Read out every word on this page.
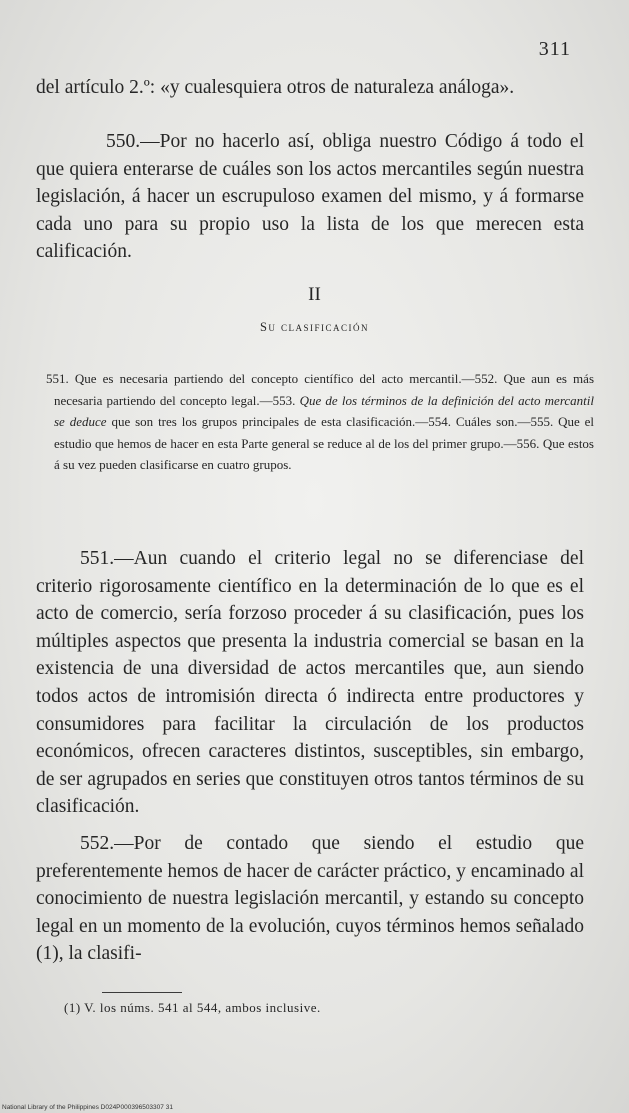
311

del artículo 2.º: «y cualesquiera otros de naturaleza análoga».

550.—Por no hacerlo así, obliga nuestro Código á todo el que quiera enterarse de cuáles son los actos mercantiles según nuestra legislación, á hacer un escrupuloso examen del mismo, y á formarse cada uno para su propio uso la lista de los que merecen esta calificación.

II
Su clasificación

551. Que es necesaria partiendo del concepto científico del acto mercantil.—552. Que aun es más necesaria partiendo del concepto legal.—553. Que de los términos de la definición del acto mercantil se deduce que son tres los grupos principales de esta clasificación.—554. Cuáles son.—555. Que el estudio que hemos de hacer en esta Parte general se reduce al de los del primer grupo.—556. Que estos á su vez pueden clasificarse en cuatro grupos.

551.—Aun cuando el criterio legal no se diferenciase del criterio rigorosamente científico en la determinación de lo que es el acto de comercio, sería forzoso proceder á su clasificación, pues los múltiples aspectos que presenta la industria comercial se basan en la existencia de una diversidad de actos mercantiles que, aun siendo todos actos de intromisión directa ó indirecta entre productores y consumidores para facilitar la circulación de los productos económicos, ofrecen caracteres distintos, susceptibles, sin embargo, de ser agrupados en series que constituyen otros tantos términos de su clasificación.

552.—Por de contado que siendo el estudio que preferentemente hemos de hacer de carácter práctico, y encaminado al conocimiento de nuestra legislación mercantil, y estando su concepto legal en un momento de la evolución, cuyos términos hemos señalado (1), la clasifi-

(1) V. los núms. 541 al 544, ambos inclusive.
National Library of the Philippines D024P000396503307 31
